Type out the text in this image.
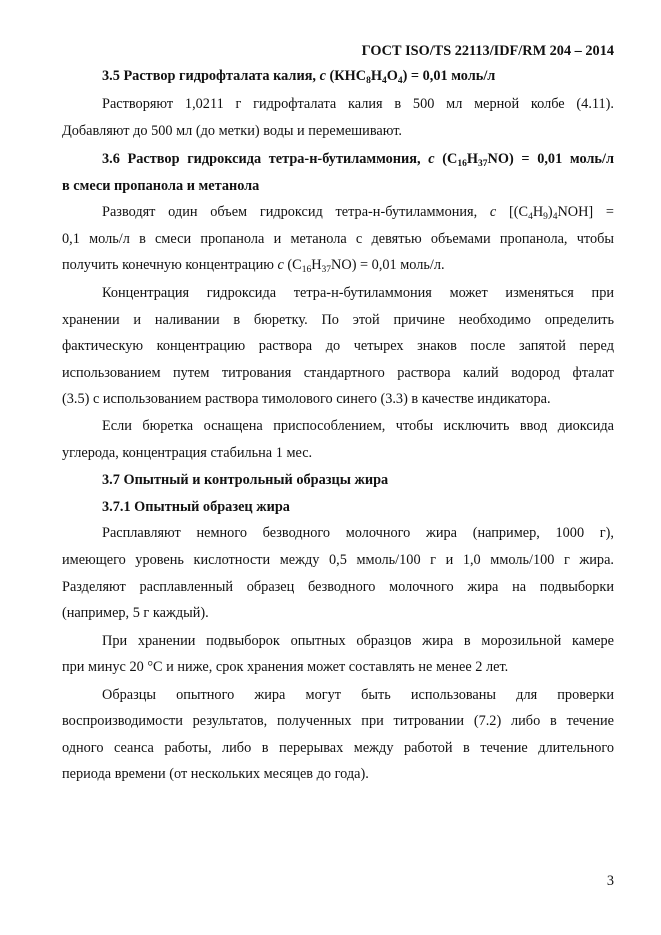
ГОСТ ISO/TS 22113/IDF/RM 204 – 2014
3.5 Раствор гидрофталата калия, с $(КНС_8Н_4О_4) = 0,01$ моль/л
Растворяют 1,0211 г гидрофталата калия в 500 мл мерной колбе (4.11).
Добавляют до 500 мл (до метки) воды и перемешивают.
3.6 Раствор гидроксида тетра-н-бутиламмония, с $(С_{16}Н_{37}NO) = 0,01$ моль/л
в смеси пропанола и метанола
Разводят один объем гидроксид тетра-н-бутиламмония, с $[(C_4H_9)_4NOH]$ =
0,1 моль/л в смеси пропанола и метанола с девятью объемами пропанола, чтобы
получить конечную концентрацию с $(С_{16}Н_{37}NO) = 0,01$ моль/л.
Концентрация гидроксида тетра-н-бутиламмония может изменяться при
хранении и наливании в бюретку. По этой причине необходимо определить
фактическую концентрацию раствора до четырех знаков после запятой перед
использованием путем титрования стандартного раствора калий водород фталат
(3.5) с использованием раствора тимолового синего (3.3) в качестве индикатора.
Если бюретка оснащена приспособлением, чтобы исключить ввод диоксида
углерода, концентрация стабильна 1 мес.
3.7 Опытный и контрольный образцы жира
3.7.1 Опытный образец жира
Расплавляют немного безводного молочного жира (например, 1000 г),
имеющего уровень кислотности между 0,5 ммоль/100 г и 1,0 ммоль/100 г жира.
Разделяют расплавленный образец безводного молочного жира на подвыборки
(например, 5 г каждый).
При хранении подвыборок опытных образцов жира в морозильной камере
при минус 20 °С и ниже, срок хранения может составлять не менее 2 лет.
Образцы опытного жира могут быть использованы для проверки
воспроизводимости результатов, полученных при титровании (7.2) либо в течение
одного сеанса работы, либо в перерывах между работой в течение длительного
периода времени (от нескольких месяцев до года).
3
